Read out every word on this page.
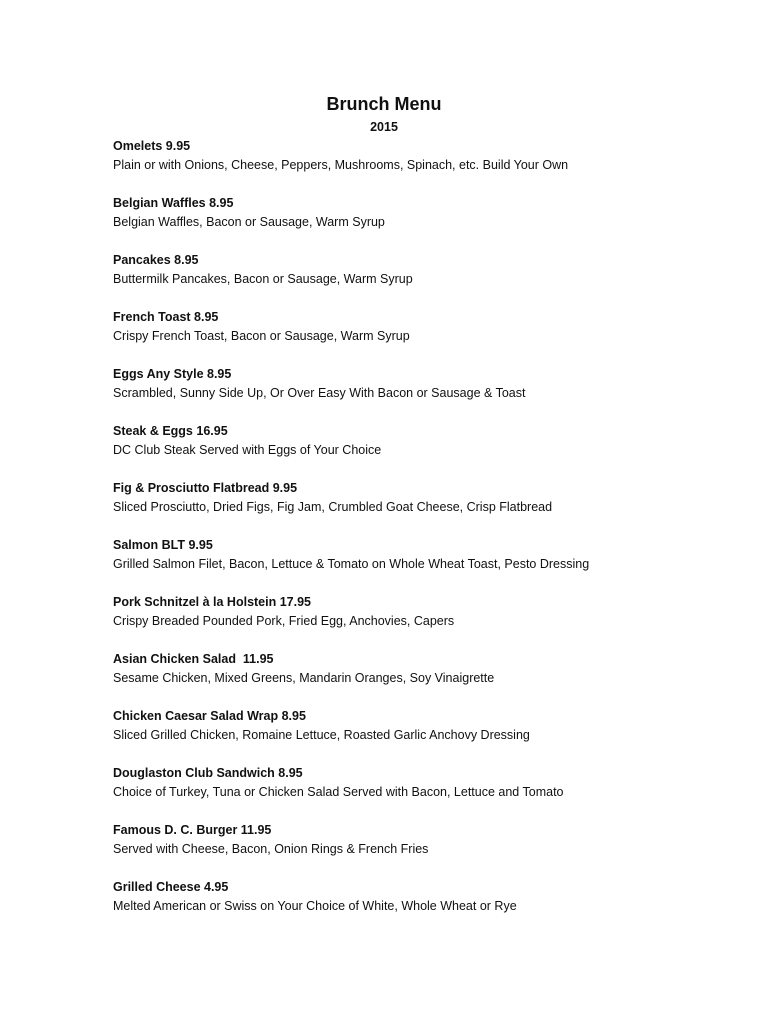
Brunch Menu
2015
Omelets 9.95
Plain or with Onions, Cheese, Peppers, Mushrooms, Spinach, etc. Build Your Own
Belgian Waffles 8.95
Belgian Waffles, Bacon or Sausage, Warm Syrup
Pancakes 8.95
Buttermilk Pancakes, Bacon or Sausage, Warm Syrup
French Toast 8.95
Crispy French Toast, Bacon or Sausage, Warm Syrup
Eggs Any Style 8.95
Scrambled, Sunny Side Up, Or Over Easy With Bacon or Sausage & Toast
Steak & Eggs 16.95
DC Club Steak Served with Eggs of Your Choice
Fig & Prosciutto Flatbread 9.95
Sliced Prosciutto, Dried Figs, Fig Jam, Crumbled Goat Cheese, Crisp Flatbread
Salmon BLT 9.95
Grilled Salmon Filet, Bacon, Lettuce & Tomato on Whole Wheat Toast, Pesto Dressing
Pork Schnitzel à la Holstein 17.95
Crispy Breaded Pounded Pork, Fried Egg, Anchovies, Capers
Asian Chicken Salad  11.95
Sesame Chicken, Mixed Greens, Mandarin Oranges, Soy Vinaigrette
Chicken Caesar Salad Wrap 8.95
Sliced Grilled Chicken, Romaine Lettuce, Roasted Garlic Anchovy Dressing
Douglaston Club Sandwich 8.95
Choice of Turkey, Tuna or Chicken Salad Served with Bacon, Lettuce and Tomato
Famous D. C. Burger 11.95
Served with Cheese, Bacon, Onion Rings & French Fries
Grilled Cheese 4.95
Melted American or Swiss on Your Choice of White, Whole Wheat or Rye
